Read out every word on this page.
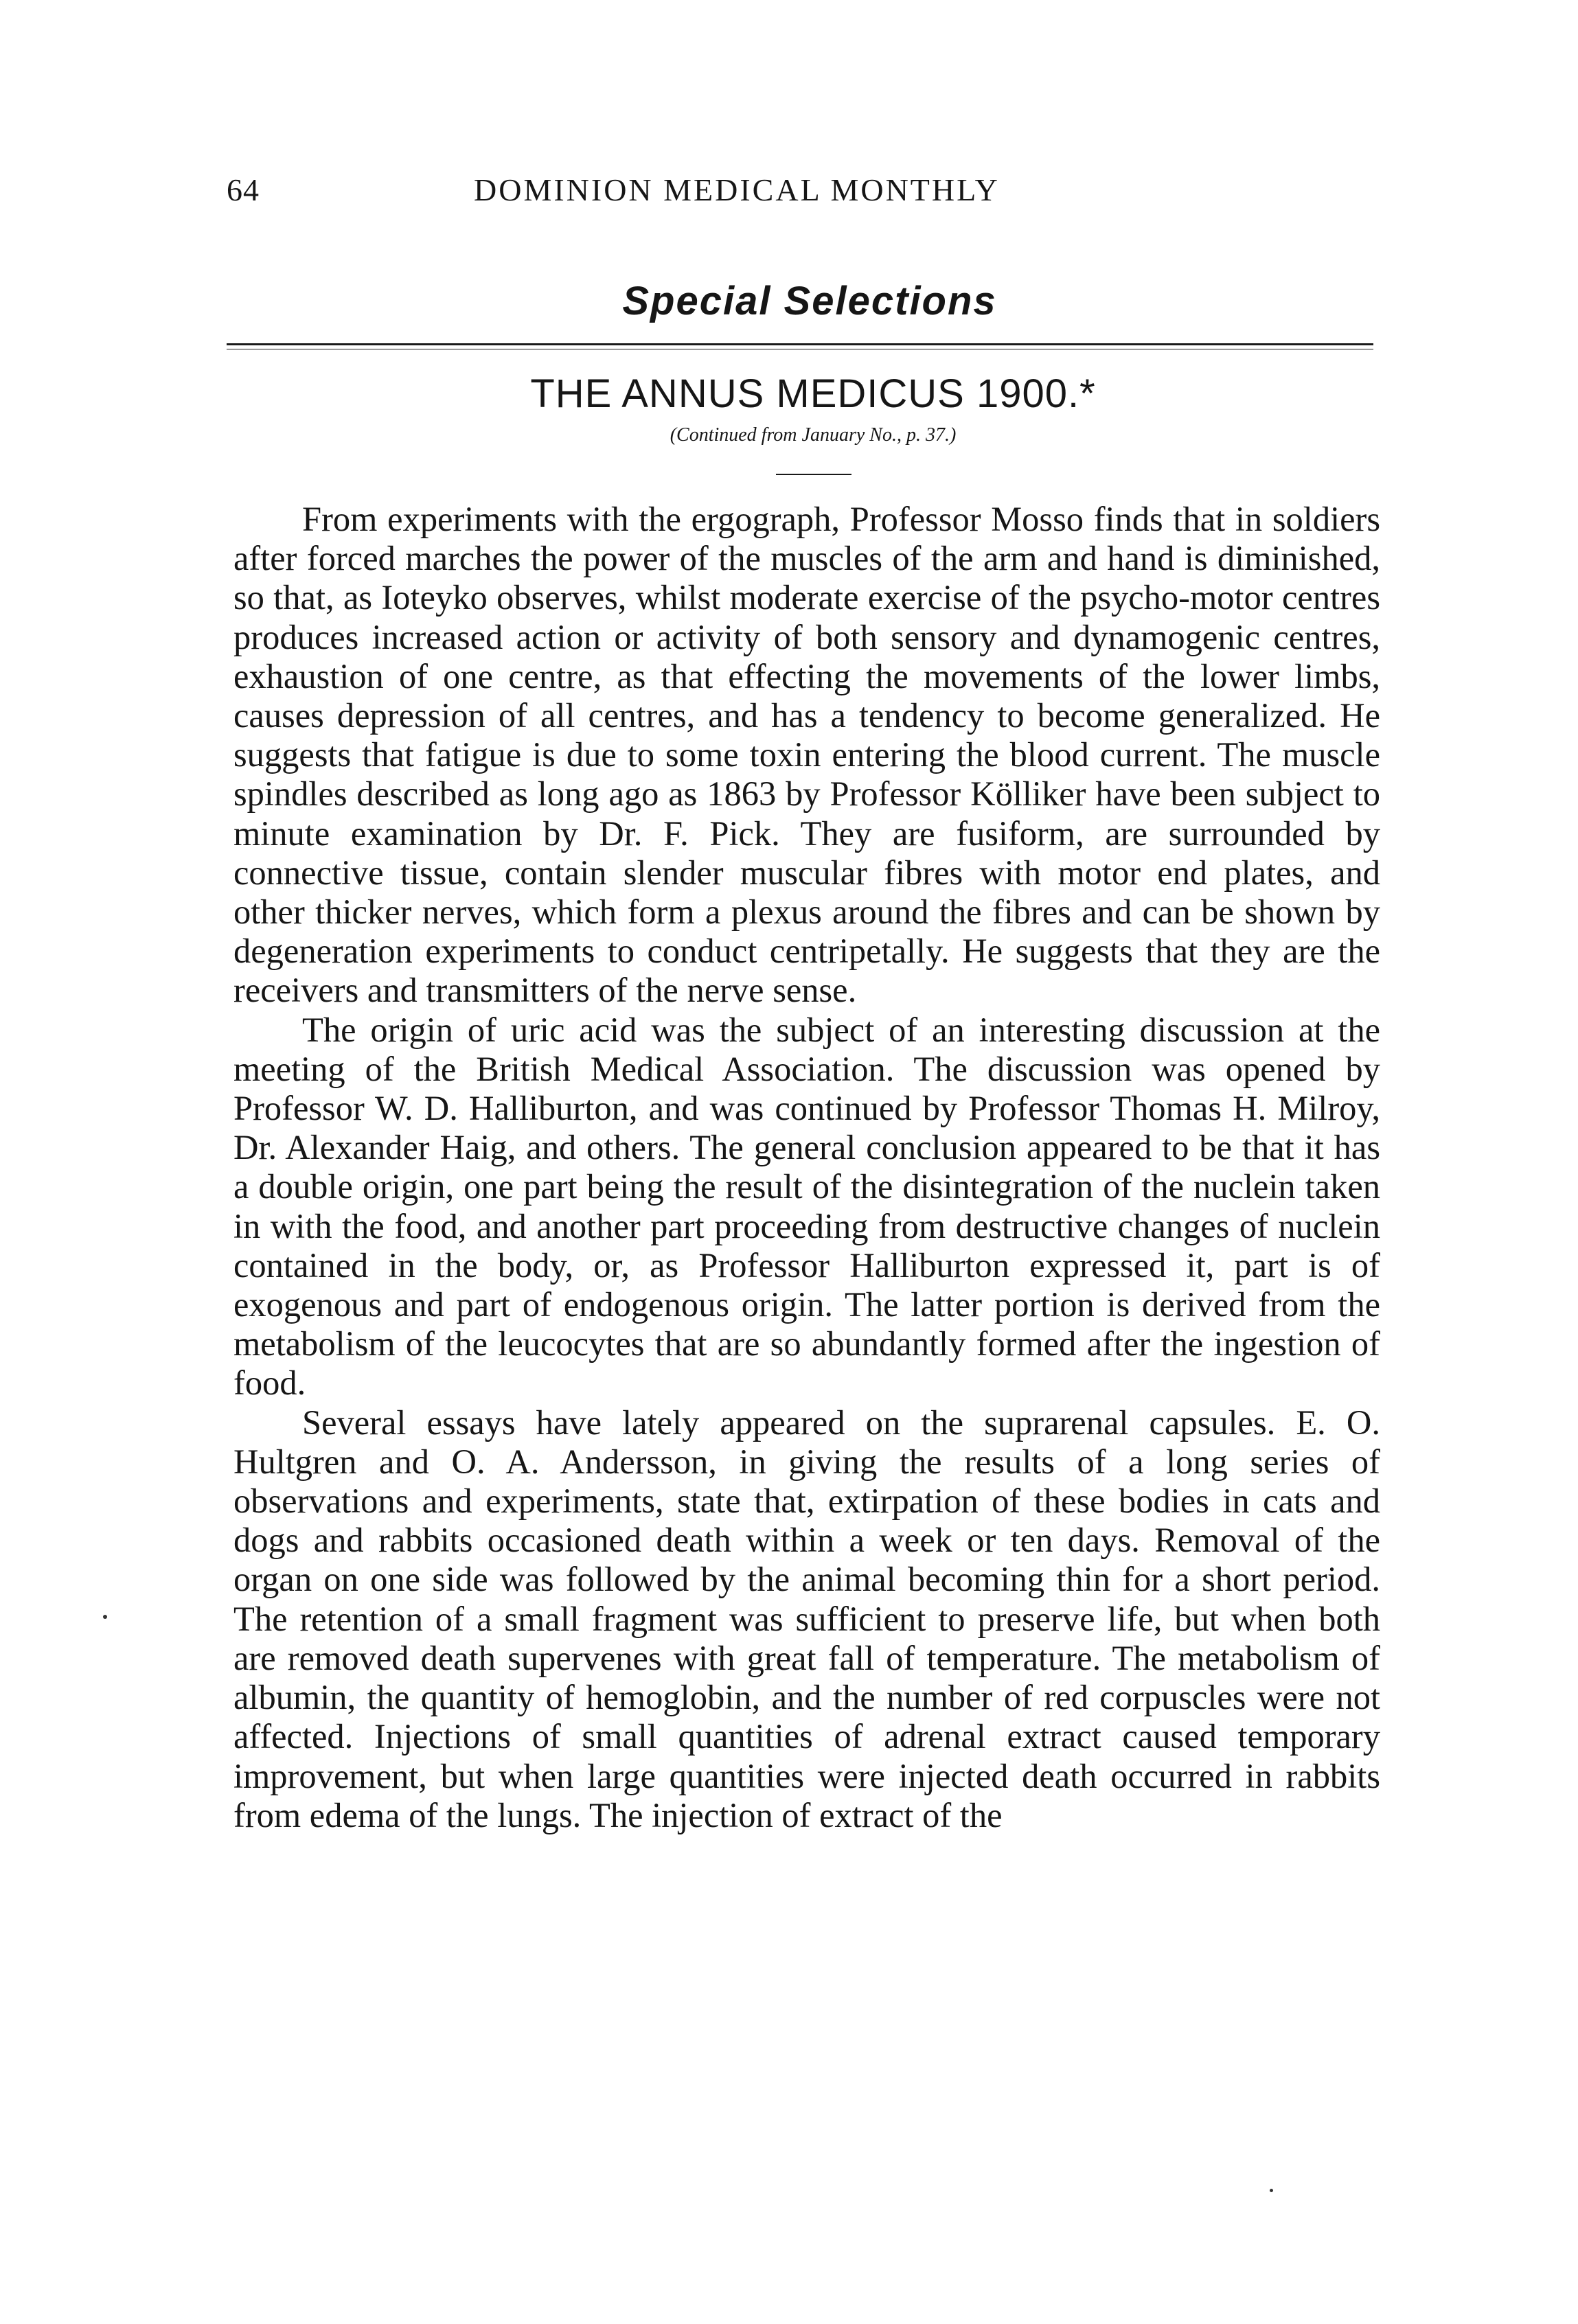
64	DOMINION MEDICAL MONTHLY
Special Selections
THE ANNUS MEDICUS 1900.*
(Continued from January No., p. 37.)

From experiments with the ergograph, Professor Mosso finds that in soldiers after forced marches the power of the muscles of the arm and hand is diminished, so that, as Ioteyko observes, whilst moderate exercise of the psycho-motor centres produces increased action or activity of both sensory and dynamogenic centres, exhaustion of one centre, as that effecting the movements of the lower limbs, causes depression of all centres, and has a tendency to become generalized. He suggests that fatigue is due to some toxin entering the blood current. The muscle spindles described as long ago as 1863 by Professor Kölliker have been subject to minute examination by Dr. F. Pick. They are fusiform, are surrounded by connective tissue, contain slender muscular fibres with motor end plates, and other thicker nerves, which form a plexus around the fibres and can be shown by degeneration experiments to conduct centripetally. He suggests that they are the receivers and transmitters of the nerve sense.

The origin of uric acid was the subject of an interesting discussion at the meeting of the British Medical Association. The discussion was opened by Professor W. D. Halliburton, and was continued by Professor Thomas H. Milroy, Dr. Alexander Haig, and others. The general conclusion appeared to be that it has a double origin, one part being the result of the disintegration of the nuclein taken in with the food, and another part proceeding from destructive changes of nuclein contained in the body, or, as Professor Halliburton expressed it, part is of exogenous and part of endogenous origin. The latter portion is derived from the metabolism of the leucocytes that are so abundantly formed after the ingestion of food.

Several essays have lately appeared on the suprarenal capsules. E. O. Hultgren and O. A. Andersson, in giving the results of a long series of observations and experiments, state that, extirpation of these bodies in cats and dogs and rabbits occasioned death within a week or ten days. Removal of the organ on one side was followed by the animal becoming thin for a short period. The retention of a small fragment was sufficient to preserve life, but when both are removed death supervenes with great fall of temperature. The metabolism of albumin, the quantity of hemoglobin, and the number of red corpuscles were not affected. Injections of small quantities of adrenal extract caused temporary improvement, but when large quantities were injected death occurred in rabbits from edema of the lungs. The injection of extract of the
